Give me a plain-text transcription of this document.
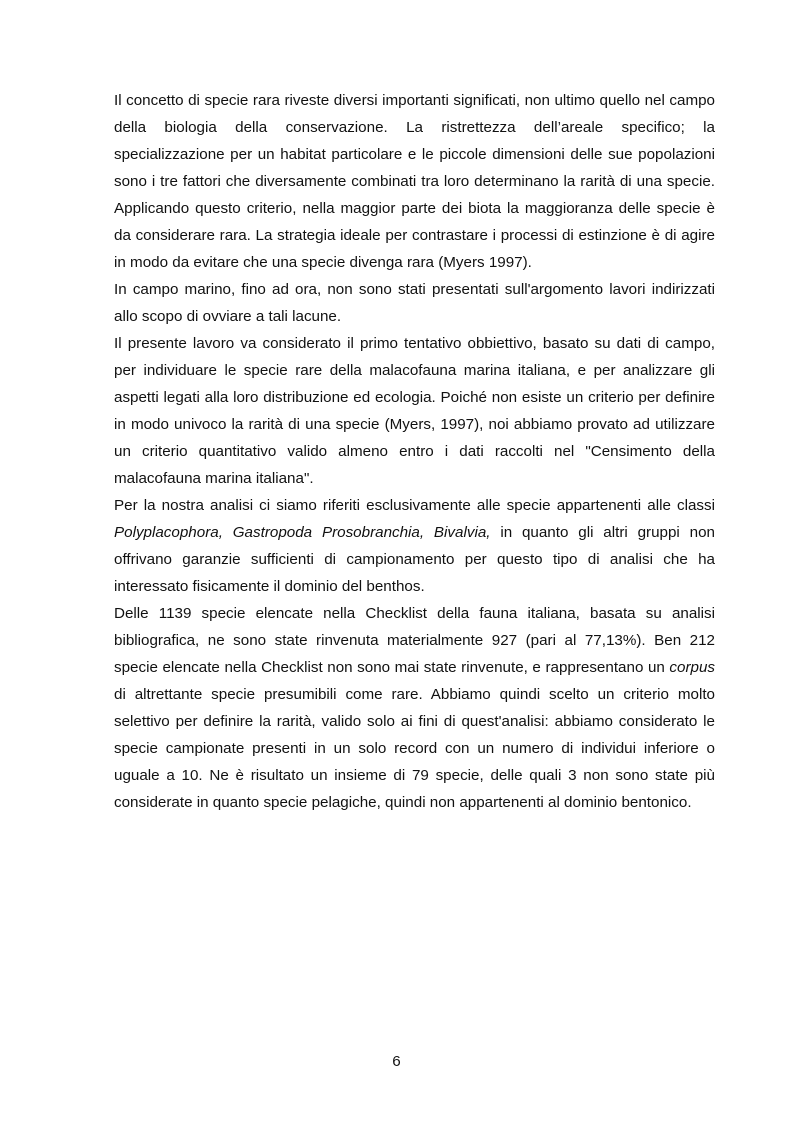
Il concetto di specie rara riveste diversi importanti significati, non ultimo quello nel campo della biologia della conservazione. La ristrettezza dell’areale specifico; la specializzazione per un habitat particolare e le piccole dimensioni delle sue popolazioni sono i tre fattori che diversamente combinati tra loro determinano la rarità di una specie. Applicando questo criterio, nella maggior parte dei biota la maggioranza delle specie è da considerare rara. La strategia ideale per contrastare i processi di estinzione è di agire in modo da evitare che una specie divenga rara (Myers 1997).

In campo marino, fino ad ora, non sono stati presentati sull'argomento lavori indirizzati allo scopo di ovviare a tali lacune.

Il presente lavoro va considerato il primo tentativo obbiettivo, basato su dati di campo, per individuare le specie rare della malacofauna marina italiana, e per analizzare gli aspetti legati alla loro distribuzione ed ecologia. Poiché non esiste un criterio per definire in modo univoco la rarità di una specie (Myers, 1997), noi abbiamo provato ad utilizzare un criterio quantitativo valido almeno entro i dati raccolti nel "Censimento della malacofauna marina italiana".

Per la nostra analisi ci siamo riferiti esclusivamente alle specie appartenenti alle classi Polyplacophora, Gastropoda Prosobranchia, Bivalvia, in quanto gli altri gruppi non offrivano garanzie sufficienti di campionamento per questo tipo di analisi che ha interessato fisicamente il dominio del benthos.

Delle 1139 specie elencate nella Checklist della fauna italiana, basata su analisi bibliografica, ne sono state rinvenuta materialmente 927 (pari al 77,13%). Ben 212 specie elencate nella Checklist non sono mai state rinvenute, e rappresentano un corpus di altrettante specie presumibili come rare. Abbiamo quindi scelto un criterio molto selettivo per definire la rarità, valido solo ai fini di quest'analisi: abbiamo considerato le specie campionate presenti in un solo record con un numero di individui inferiore o uguale a 10. Ne è risultato un insieme di 79 specie, delle quali 3 non sono state più considerate in quanto specie pelagiche, quindi non appartenenti al dominio bentonico.

6
